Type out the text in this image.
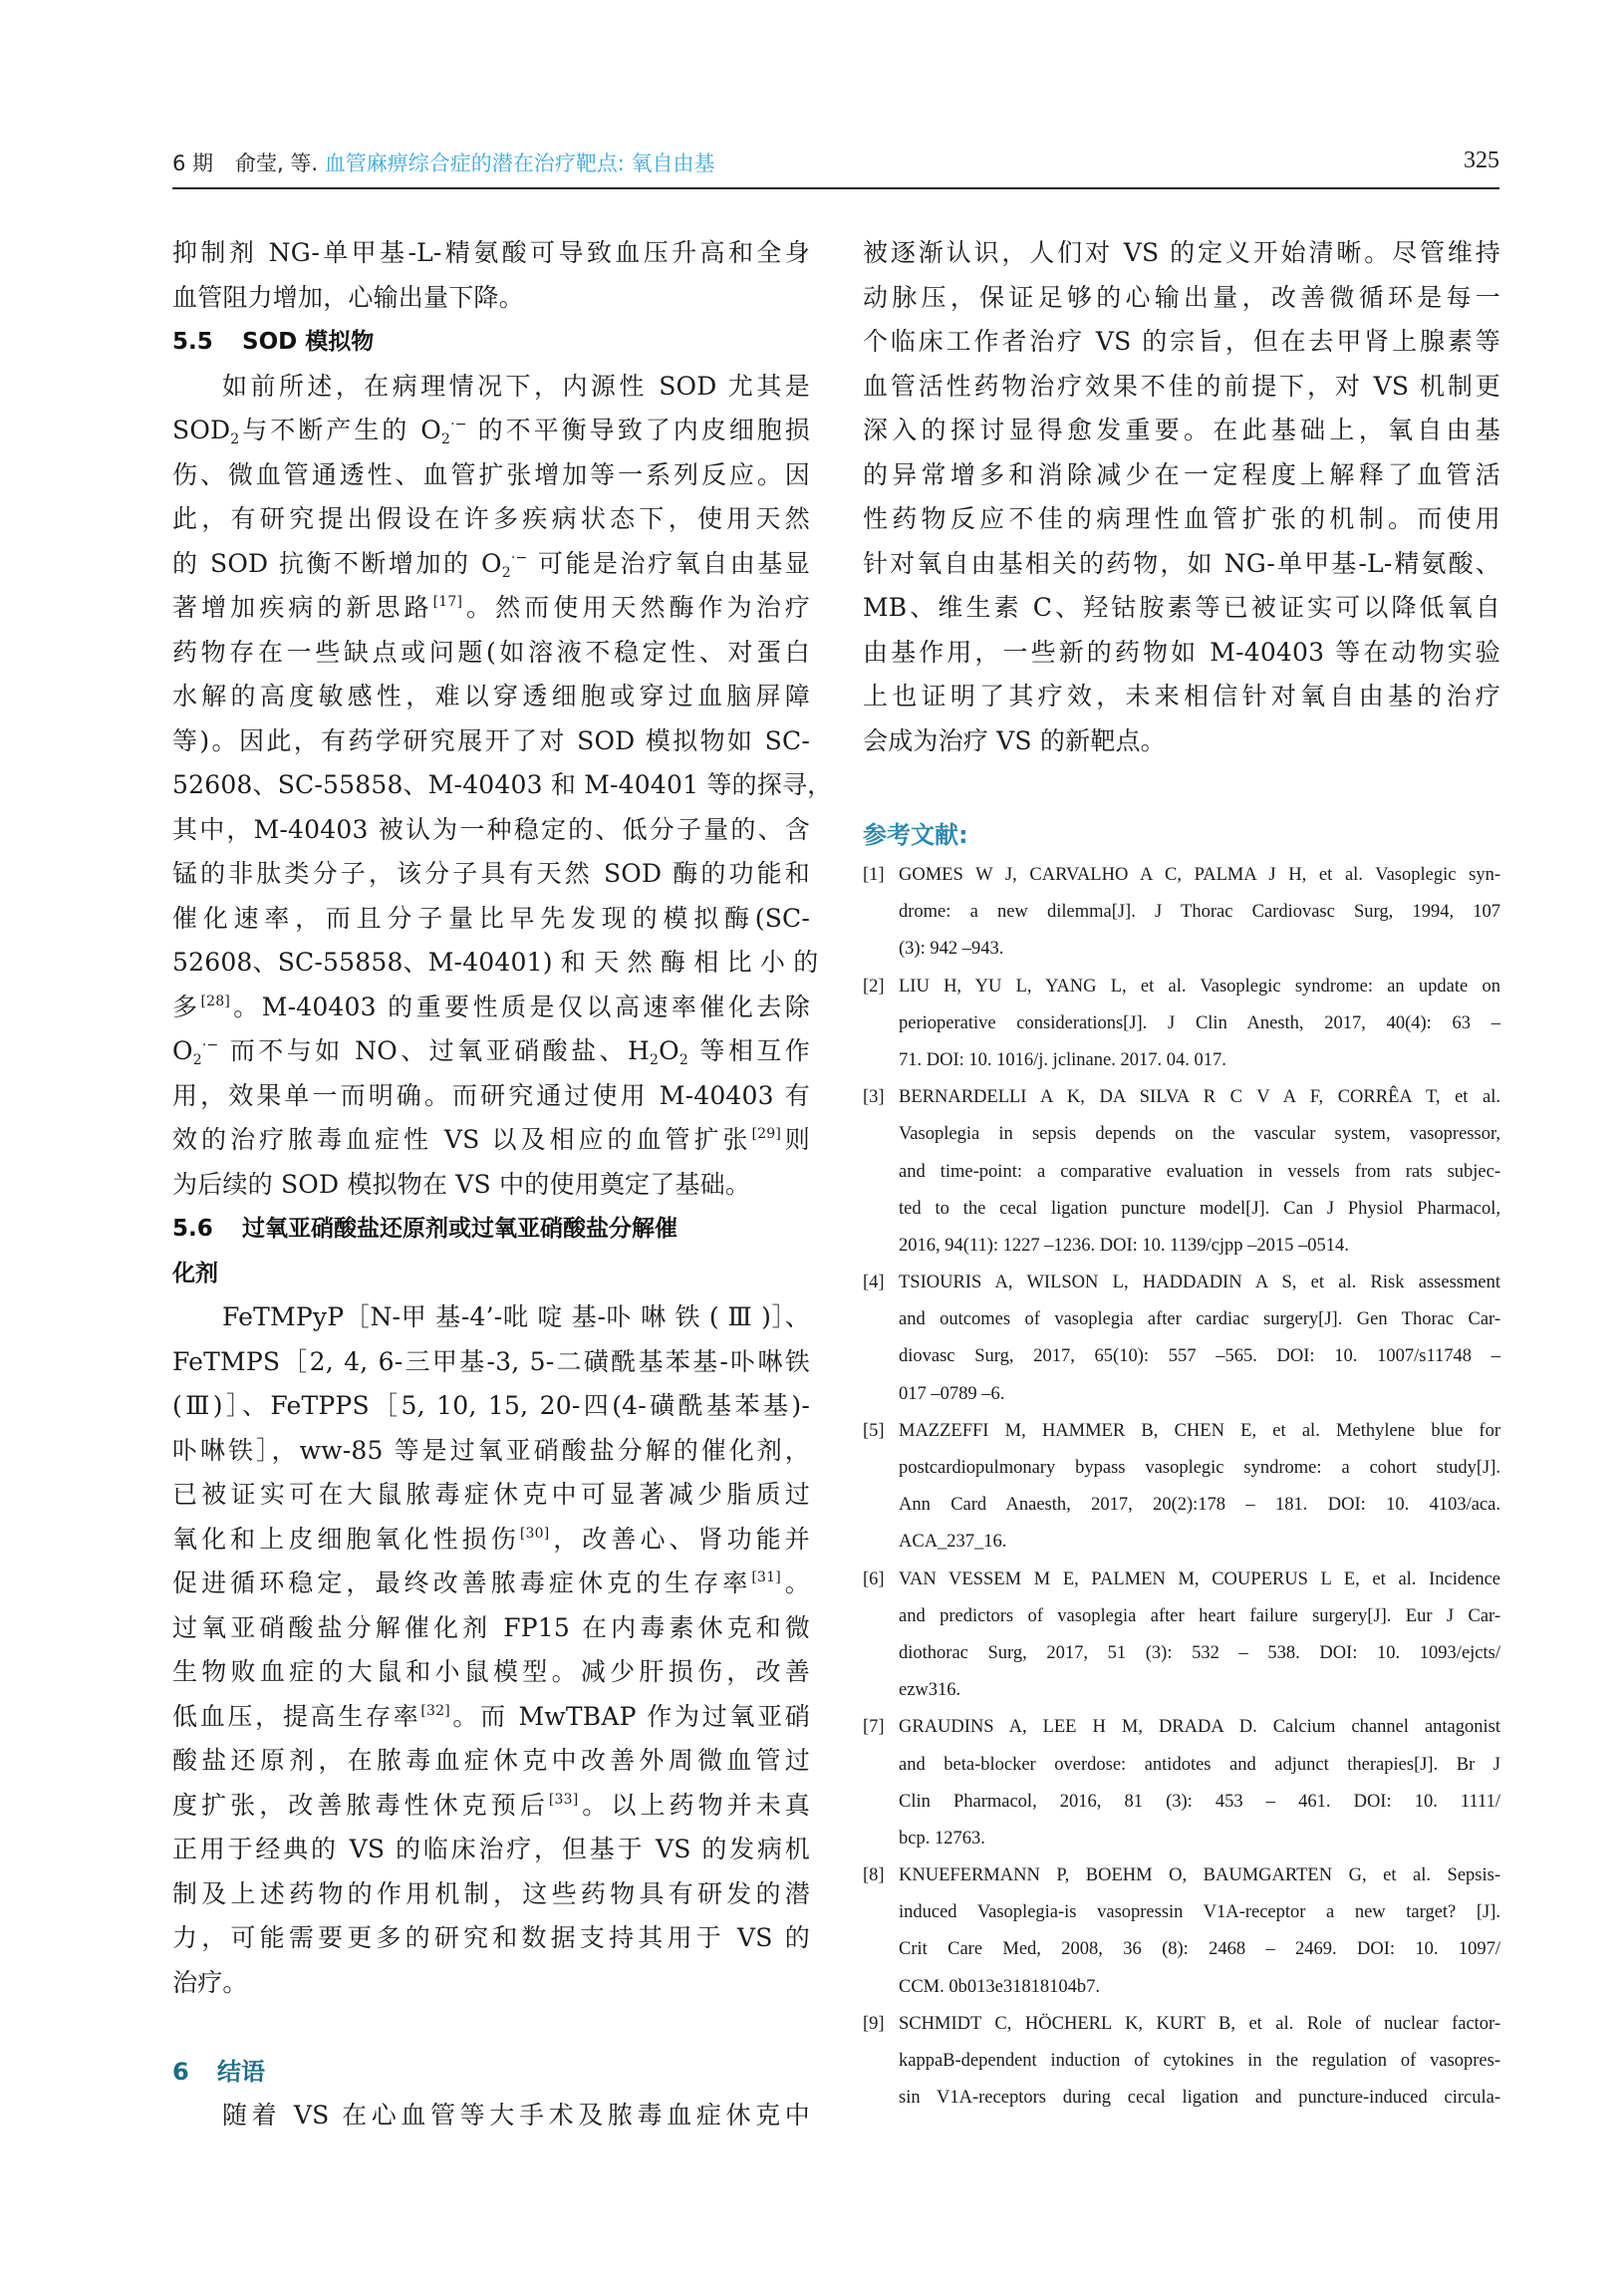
6 期 俞莹, 等. 血管麻痹综合症的潜在治疗靶点: 氧自由基	325
抑制剂 NG-单甲基-L-精氨酸可导致血压升高和全身
血管阻力增加，心输出量下降。
5.5 SOD 模拟物
如前所述，在病理情况下，内源性 SOD 尤其是
$SOD_2$与不断产生的 $O_2^{\cdot-}$ 的不平衡导致了内皮细胞损
伤、微血管通透性、血管扩张增加等一系列反应。因
此，有研究提出假设在许多疾病状态下，使用天然
的 SOD 抗衡不断增加的 $O_2^{\cdot-}$ 可能是治疗氧自由基显
著增加疾病的新思路[17]。然而使用天然酶作为治疗
药物存在一些缺点或问题(如溶液不稳定性、对蛋白
水解的高度敏感性，难以穿透细胞或穿过血脑屏障
等)。因此，有药学研究展开了对 SOD 模拟物如 SC-
52608、SC-55858、M-40403 和 M-40401 等的探寻，
其中，M-40403 被认为一种稳定的、低分子量的、含
锰的非肽类分子，该分子具有天然 SOD 酶的功能和
催化速率，而且分子量比早先发现的模拟酶(SC-
52608、SC-55858、M-40401) 和 天 然 酶 相 比 小 的
多[28]。M-40403 的重要性质是仅以高速率催化去除
$O_2^{\cdot-}$ 而不与如 NO、过氧亚硝酸盐、$H_2O_2$ 等相互作
用，效果单一而明确。而研究通过使用 M-40403 有
效的治疗脓毒血症性 VS 以及相应的血管扩张[29]则
为后续的 SOD 模拟物在 VS 中的使用奠定了基础。
5.6 过氧亚硝酸盐还原剂或过氧亚硝酸盐分解催
化剂
FeTMPyP［N-甲 基-4’-吡 啶 基-卟 啉 铁 ( Ⅲ )］、
FeTMPS［2, 4, 6-三甲基-3, 5-二磺酰基苯基-卟啉铁
(Ⅲ)］、FeTPPS［5, 10, 15, 20-四(4-磺酰基苯基)-
卟啉铁］，ww-85 等是过氧亚硝酸盐分解的催化剂，
已被证实可在大鼠脓毒症休克中可显著减少脂质过
氧化和上皮细胞氧化性损伤[30]，改善心、肾功能并
促进循环稳定，最终改善脓毒症休克的生存率[31]。
过氧亚硝酸盐分解催化剂 FP15 在内毒素休克和微
生物败血症的大鼠和小鼠模型。减少肝损伤，改善
低血压，提高生存率[32]。而 MwTBAP 作为过氧亚硝
酸盐还原剂，在脓毒血症休克中改善外周微血管过
度扩张，改善脓毒性休克预后[33]。以上药物并未真
正用于经典的 VS 的临床治疗，但基于 VS 的发病机
制及上述药物的作用机制，这些药物具有研发的潜
力，可能需要更多的研究和数据支持其用于 VS 的
治疗。
6 结语
随着 VS 在心血管等大手术及脓毒血症休克中
被逐渐认识，人们对 VS 的定义开始清晰。尽管维持
动脉压，保证足够的心输出量，改善微循环是每一
个临床工作者治疗 VS 的宗旨，但在去甲肾上腺素等
血管活性药物治疗效果不佳的前提下，对 VS 机制更
深入的探讨显得愈发重要。在此基础上，氧自由基
的异常增多和消除减少在一定程度上解释了血管活
性药物反应不佳的病理性血管扩张的机制。而使用
针对氧自由基相关的药物，如 NG-单甲基-L-精氨酸、
MB、维生素 C、羟钴胺素等已被证实可以降低氧自
由基作用，一些新的药物如 M-40403 等在动物实验
上也证明了其疗效，未来相信针对氧自由基的治疗
会成为治疗 VS 的新靶点。
参考文献:
[1] GOMES W J, CARVALHO A C, PALMA J H, et al. Vasoplegic syn-
drome: a new dilemma[J]. J Thorac Cardiovasc Surg, 1994, 107
(3): 942 –943.
[2] LIU H, YU L, YANG L, et al. Vasoplegic syndrome: an update on
perioperative considerations[J]. J Clin Anesth, 2017, 40(4): 63 –
71. DOI: 10. 1016/j. jclinane. 2017. 04. 017.
[3] BERNARDELLI A K, DA SILVA R C V A F, CORRÊA T, et al.
Vasoplegia in sepsis depends on the vascular system, vasopressor,
and time-point: a comparative evaluation in vessels from rats subjec-
ted to the cecal ligation puncture model[J]. Can J Physiol Pharmacol,
2016, 94(11): 1227 –1236. DOI: 10. 1139/cjpp –2015 –0514.
[4] TSIOURIS A, WILSON L, HADDADIN A S, et al. Risk assessment
and outcomes of vasoplegia after cardiac surgery[J]. Gen Thorac Car-
diovasc Surg, 2017, 65(10): 557 –565. DOI: 10. 1007/s11748 –
017 –0789 –6.
[5] MAZZEFFI M, HAMMER B, CHEN E, et al. Methylene blue for
postcardiopulmonary bypass vasoplegic syndrome: a cohort study[J].
Ann Card Anaesth, 2017, 20(2):178 – 181. DOI: 10. 4103/aca.
ACA_237_16.
[6] VAN VESSEM M E, PALMEN M, COUPERUS L E, et al. Incidence
and predictors of vasoplegia after heart failure surgery[J]. Eur J Car-
diothorac Surg, 2017, 51 (3): 532 – 538. DOI: 10. 1093/ejcts/
ezw316.
[7] GRAUDINS A, LEE H M, DRADA D. Calcium channel antagonist
and beta-blocker overdose: antidotes and adjunct therapies[J]. Br J
Clin Pharmacol, 2016, 81 (3): 453 – 461. DOI: 10. 1111/
bcp. 12763.
[8] KNUEFERMANN P, BOEHM O, BAUMGARTEN G, et al. Sepsis-
induced Vasoplegia-is vasopressin V1A-receptor a new target? [J].
Crit Care Med, 2008, 36 (8): 2468 – 2469. DOI: 10. 1097/
CCM. 0b013e31818104b7.
[9] SCHMIDT C, HÖCHERL K, KURT B, et al. Role of nuclear factor-
kappaB-dependent induction of cytokines in the regulation of vasopres-
sin V1A-receptors during cecal ligation and puncture-induced circula-
